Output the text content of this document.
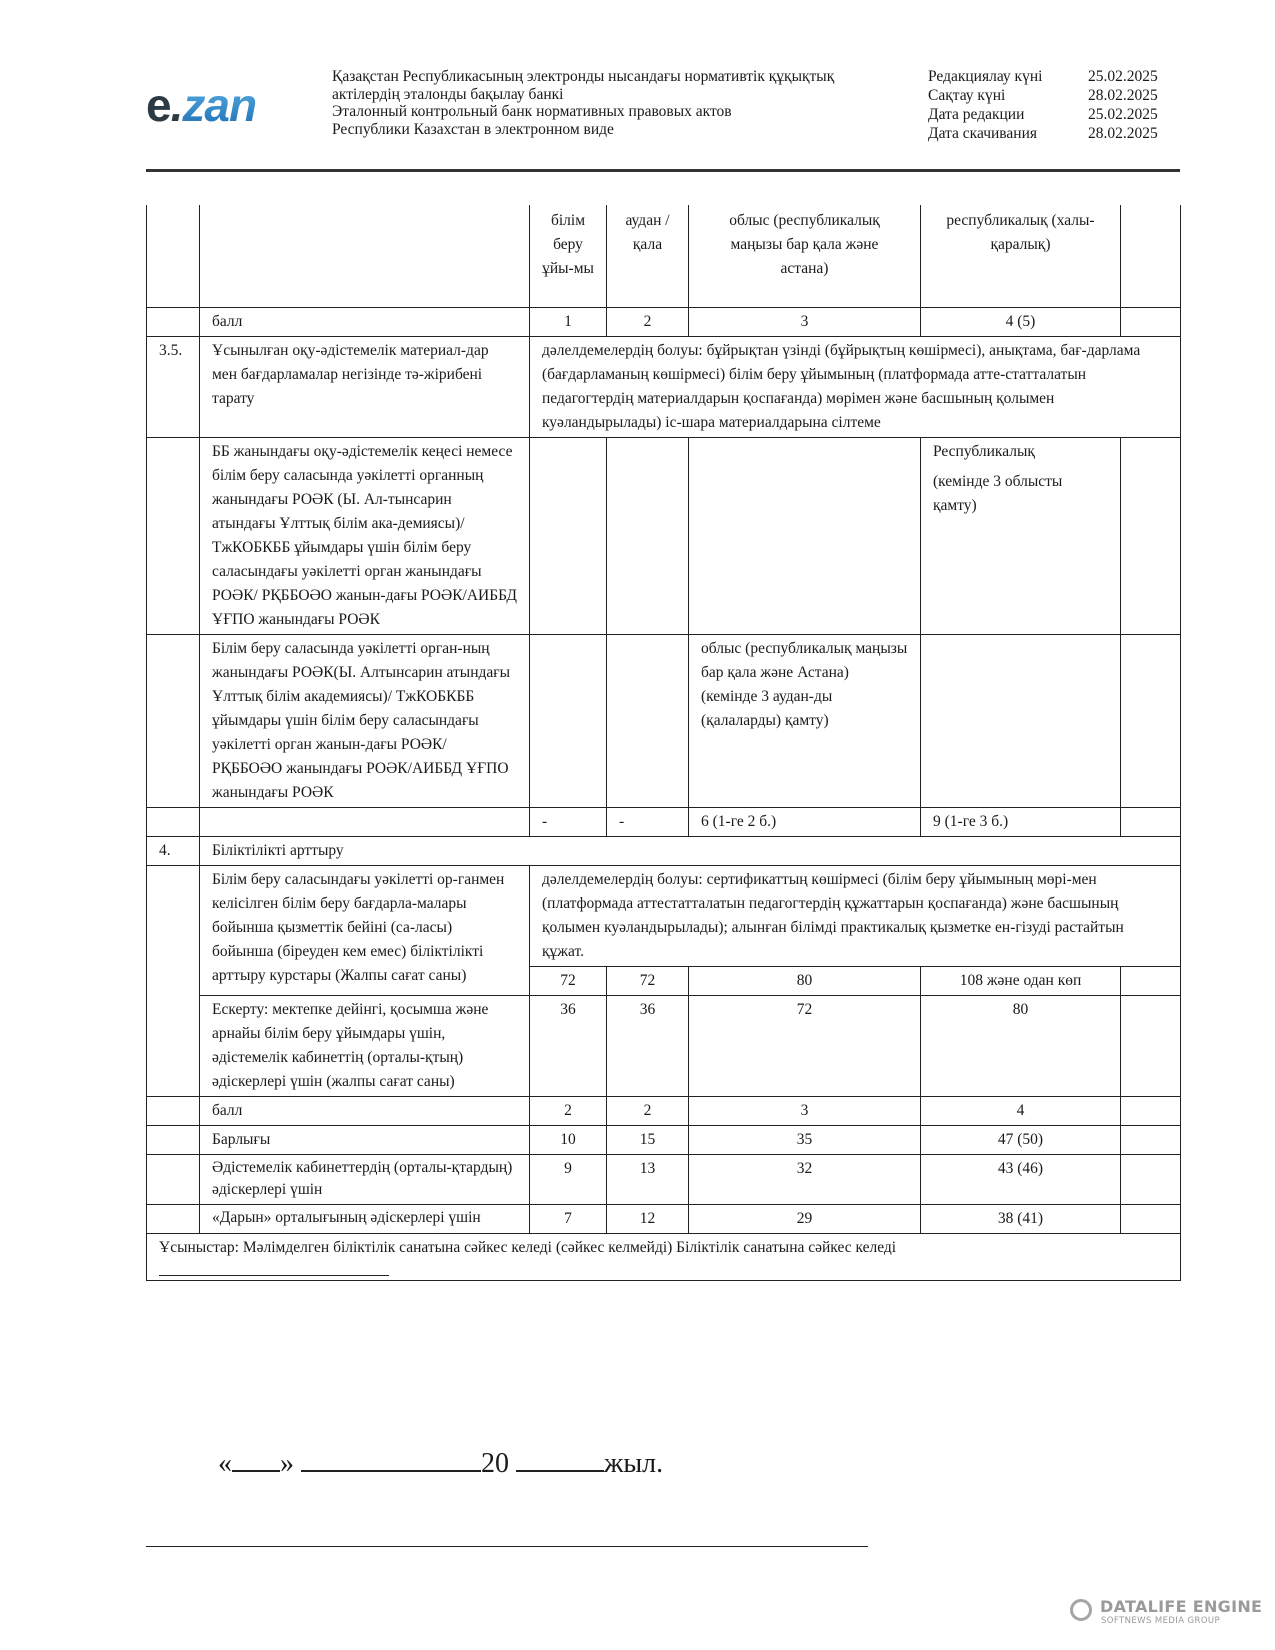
e.zan
Қазақстан Республикасының электронды нысандағы нормативтік құқықтық
актілердің эталонды бақылау банкі
Эталонный контрольный банк нормативных правовых актов
Республики Казахстан в электронном виде
Редакциялау күні	25.02.2025
Сақтау күні	28.02.2025
Дата редакции	25.02.2025
Дата скачивания	28.02.2025
		білім беру ұйы-мы	аудан /қала	облыс (республикалық маңызы бар қала және астана)	республикалық (халы-қаралық)	
	балл	1	2	3	4 (5)	
3.5.	Ұсынылған оқу-әдістемелік материал-дар мен бағдарламалар негізінде тә-жірибені тарату	дәлелдемелердің болуы: бұйрықтан үзінді (бұйрықтың көшірмесі), анықтама, бағ-дарлама (бағдарламаның көшірмесі) білім беру ұйымының (платформада атте-статталатын педагогтердің материалдарын қоспағанда) мөрімен және басшының қолымен куәландырылады) іс-шара материалдарына сілтеме				
	ББ жанындағы оқу-әдістемелік кеңесі немесе білім беру саласында уәкілетті органның жанындағы РОӘК (Ы. Ал-тынсарин атындағы Ұлттық білім ака-демиясы)/ ТжКОБКББ ұйымдары үшін білім беру саласындағы уәкілетті орган жанындағы РОӘК/ РҚББОӘО жанын-дағы РОӘК/АИББД ҰҒПО жанындағы РОӘК				Республикалық
(кемінде 3 облысты қамту)	

	Білім беру саласында уәкілетті орган-ның жанындағы РОӘК(Ы. Алтынсарин атындағы Ұлттық білім академиясы)/ ТжКОБКББ ұйымдары үшін білім беру саласындағы уәкілетті орган жанын-дағы РОӘК/ РҚББОӘО жанындағы РОӘК/АИББД ҰҒПО жанындағы РОӘК			облыс (республикалық маңызы бар қала және Астана) (кемінде 3 аудан-ды (қалаларды) қамту)		
		-	-	6 (1-ге 2 б.)	9 (1-ге 3 б.)	
4.	Біліктілікті арттыру					
	Білім беру саласындағы уәкілетті ор-ганмен келісілген білім беру бағдарла-малары бойынша қызметтік бейіні (са-ласы) бойынша (біреуден кем емес) біліктілікті арттыру курстары (Жалпы сағат саны)	дәлелдемелердің болуы: сертификаттың көшірмесі (білім беру ұйымының мөрі-мен (платформада аттестатталатын педагогтердің құжаттарын қоспағанда) және басшының қолымен куәландырылады); алынған білімді практикалық қызметке ен-гізуді растайтын құжат.				
		72	72	80	108 және одан көп	
	Ескерту: мектепке дейінгі, қосымша және арнайы білім беру ұйымдары үшін, әдістемелік кабинеттің (орталы-қтың) әдіскерлері үшін (жалпы сағат саны)	36	36	72	80	
	балл	2	2	3	4	
	Барлығы	10	15	35	47 (50)	
	Әдістемелік кабинеттердің (орталы-қтардың) әдіскерлері үшін	9	13	32	43 (46)	
	«Дарын» орталығының әдіскерлері үшін	7	12	29	38 (41)	

Ұсыныстар: Мәлімделген біліктілік санатына сәйкес келеді (сәйкес келмейді) Біліктілік санатына сәйкес келеді						
« »	20	жыл.
DATALIFE ENGINE
SOFTNEWS MEDIA GROUP
